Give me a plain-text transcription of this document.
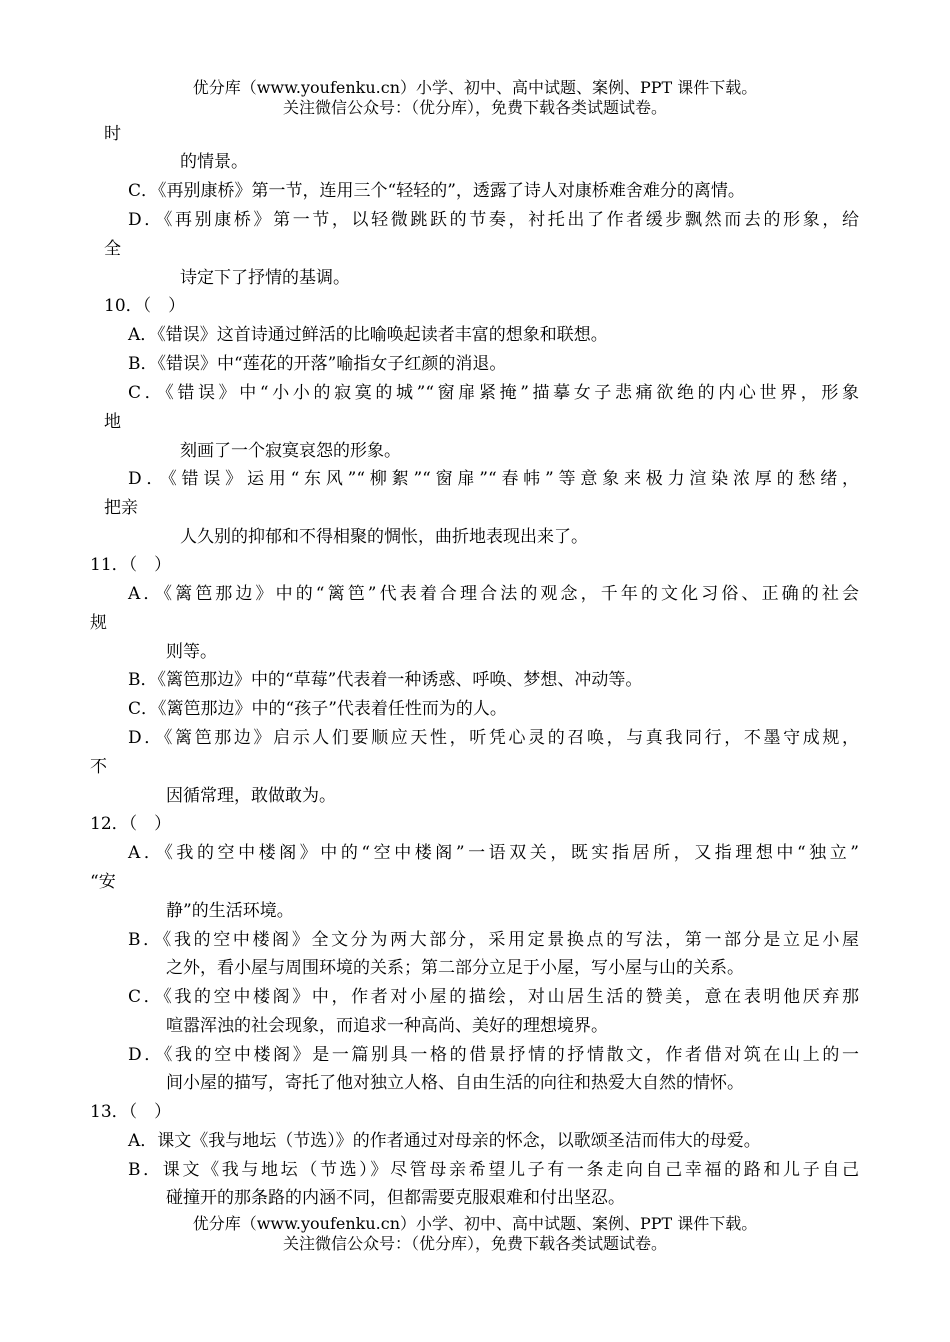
优分库（www.youfenku.cn）小学、初中、高中试题、案例、PPT 课件下载。
关注微信公众号：（优分库），免费下载各类试题试卷。
时
的情景。
C．《再别康桥》第一节，连用三个“轻轻的”，透露了诗人对康桥难舍难分的离情。
D．《再别康桥》第一节，以轻微跳跃的节奏，衬托出了作者缓步飘然而去的形象，给
全
诗定下了抒情的基调。
10．（　）
A．《错误》这首诗通过鲜活的比喻唤起读者丰富的想象和联想。
B．《错误》中“莲花的开落”喻指女子红颜的消退。
C．《错误》中“小小的寂寞的城”“窗扉紧掩”描摹女子悲痛欲绝的内心世界，形象
地
刻画了一个寂寞哀怨的形象。
D．《错误》运用“东风”“柳絮”“窗扉”“春帏”等意象来极力渲染浓厚的愁绪，
把亲
人久别的抑郁和不得相聚的惆怅，曲折地表现出来了。
11．（　）
A．《篱笆那边》中的“篱笆”代表着合理合法的观念，千年的文化习俗、正确的社会
规
则等。
B．《篱笆那边》中的“草莓”代表着一种诱惑、呼唤、梦想、冲动等。
C．《篱笆那边》中的“孩子”代表着任性而为的人。
D．《篱笆那边》启示人们要顺应天性，听凭心灵的召唤，与真我同行，不墨守成规，
不
因循常理，敢做敢为。
12．（　）
A．《我的空中楼阁》中的“空中楼阁”一语双关，既实指居所，又指理想中“独立”
“安
静”的生活环境。
B．《我的空中楼阁》全文分为两大部分，采用定景换点的写法，第一部分是立足小屋
之外，看小屋与周围环境的关系；第二部分立足于小屋，写小屋与山的关系。
C．《我的空中楼阁》中，作者对小屋的描绘，对山居生活的赞美，意在表明他厌弃那
喧嚣浑浊的社会现象，而追求一种高尚、美好的理想境界。
D．《我的空中楼阁》是一篇别具一格的借景抒情的抒情散文，作者借对筑在山上的一
间小屋的描写，寄托了他对独立人格、自由生活的向往和热爱大自然的情怀。
13．（　）
A．课文《我与地坛（节选）》的作者通过对母亲的怀念，以歌颂圣洁而伟大的母爱。
B．课文《我与地坛（节选）》尽管母亲希望儿子有一条走向自己幸福的路和儿子自己
碰撞开的那条路的内涵不同，但都需要克服艰难和付出坚忍。
优分库（www.youfenku.cn）小学、初中、高中试题、案例、PPT 课件下载。
关注微信公众号：（优分库），免费下载各类试题试卷。
